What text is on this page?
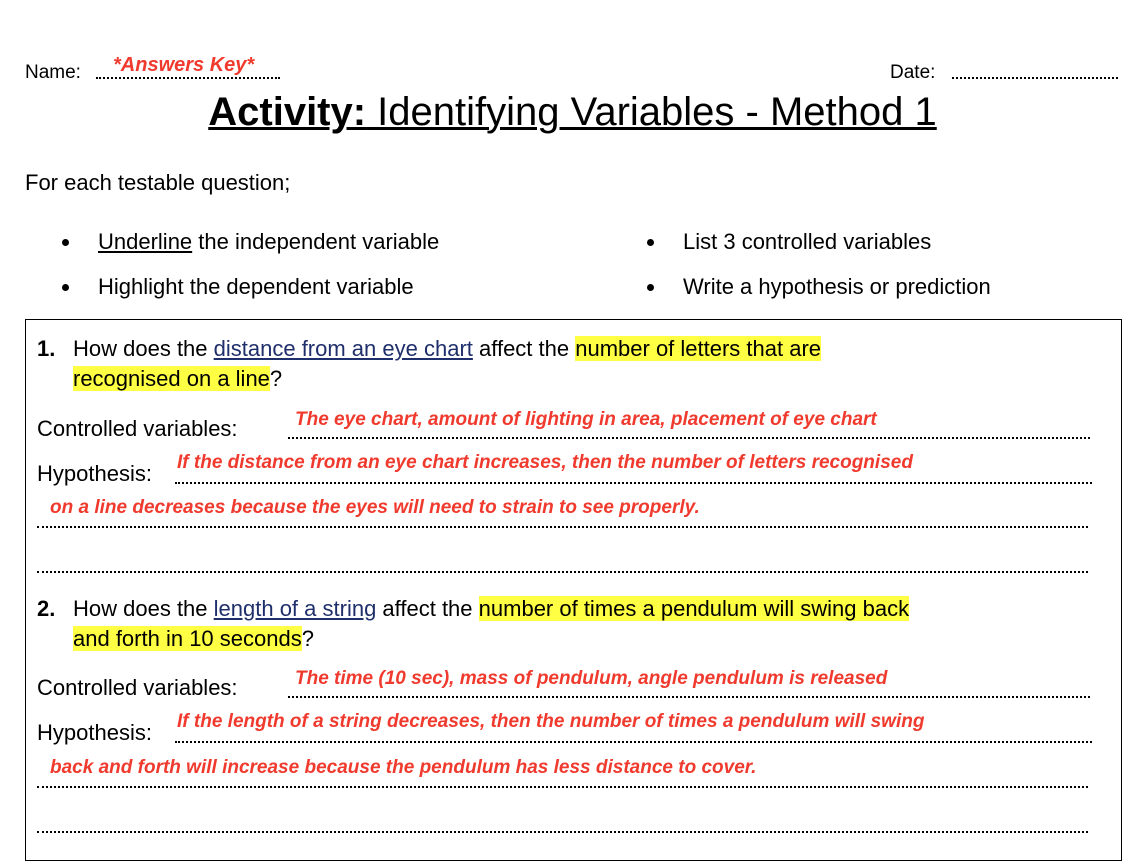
Name: *Answers Key*	Date:
Activity: Identifying Variables - Method 1
For each testable question;
Underline the independent variable
Highlight the dependent variable
List 3 controlled variables
Write a hypothesis or prediction
1. How does the distance from an eye chart affect the number of letters that are
recognised on a line?
Controlled variables:	The eye chart, amount of lighting in area, placement of eye chart
Hypothesis: If the distance from an eye chart increases, then the number of letters recognised
on a line decreases because the eyes will need to strain to see properly.
2. How does the length of a string affect the number of times a pendulum will swing back
and forth in 10 seconds?
Controlled variables:	The time (10 sec), mass of pendulum, angle pendulum is released
Hypothesis: If the length of a string decreases, then the number of times a pendulum will swing
back and forth will increase because the pendulum has less distance to cover.
